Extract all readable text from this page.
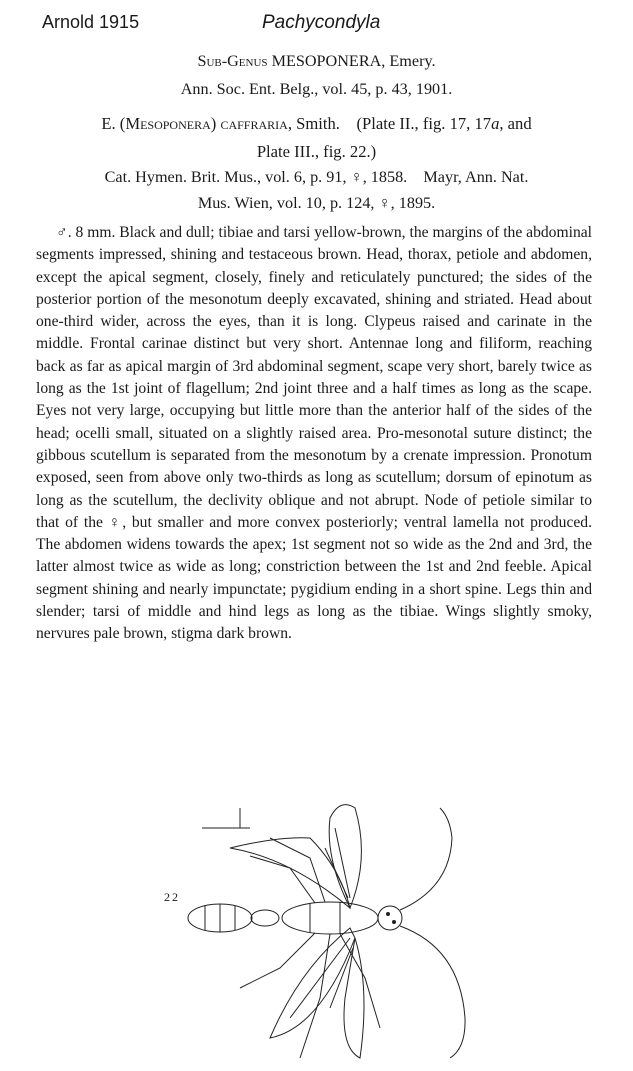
Arnold 1915	Pachycondyla
Sub-Genus MESOPONERA, Emery.
Ann. Soc. Ent. Belg., vol. 45, p. 43, 1901.
E. (Mesoponera) caffraria, Smith.    (Plate II., fig. 17, 17a, and
Plate III., fig. 22.)
Cat. Hymen. Brit. Mus., vol. 6, p. 91, ♀, 1858.    Mayr, Ann. Nat.
Mus. Wien, vol. 10, p. 124, ♀, 1895.
♂. 8 mm. Black and dull; tibiae and tarsi yellow-brown, the margins of the abdominal segments impressed, shining and testaceous brown. Head, thorax, petiole and abdomen, except the apical segment, closely, finely and reticulately punctured; the sides of the posterior portion of the mesonotum deeply excavated, shining and striated. Head about one-third wider, across the eyes, than it is long. Clypeus raised and carinate in the middle. Frontal carinae distinct but very short. Antennae long and filiform, reaching back as far as apical margin of 3rd abdominal segment, scape very short, barely twice as long as the 1st joint of flagellum; 2nd joint three and a half times as long as the scape. Eyes not very large, occupying but little more than the anterior half of the sides of the head; ocelli small, situated on a slightly raised area. Pro-mesonotal suture distinct; the gibbous scutellum is separated from the mesonotum by a crenate impression. Pronotum exposed, seen from above only two-thirds as long as scutellum; dorsum of epinotum as long as the scutellum, the declivity oblique and not abrupt. Node of petiole similar to that of the ♀, but smaller and more convex posteriorly; ventral lamella not produced. The abdomen widens towards the apex; 1st segment not so wide as the 2nd and 3rd, the latter almost twice as wide as long; constriction between the 1st and 2nd feeble. Apical segment shining and nearly impunctate; pygidium ending in a short spine. Legs thin and slender; tarsi of middle and hind legs as long as the tibiae. Wings slightly smoky, nervures pale brown, stigma dark brown.
22
